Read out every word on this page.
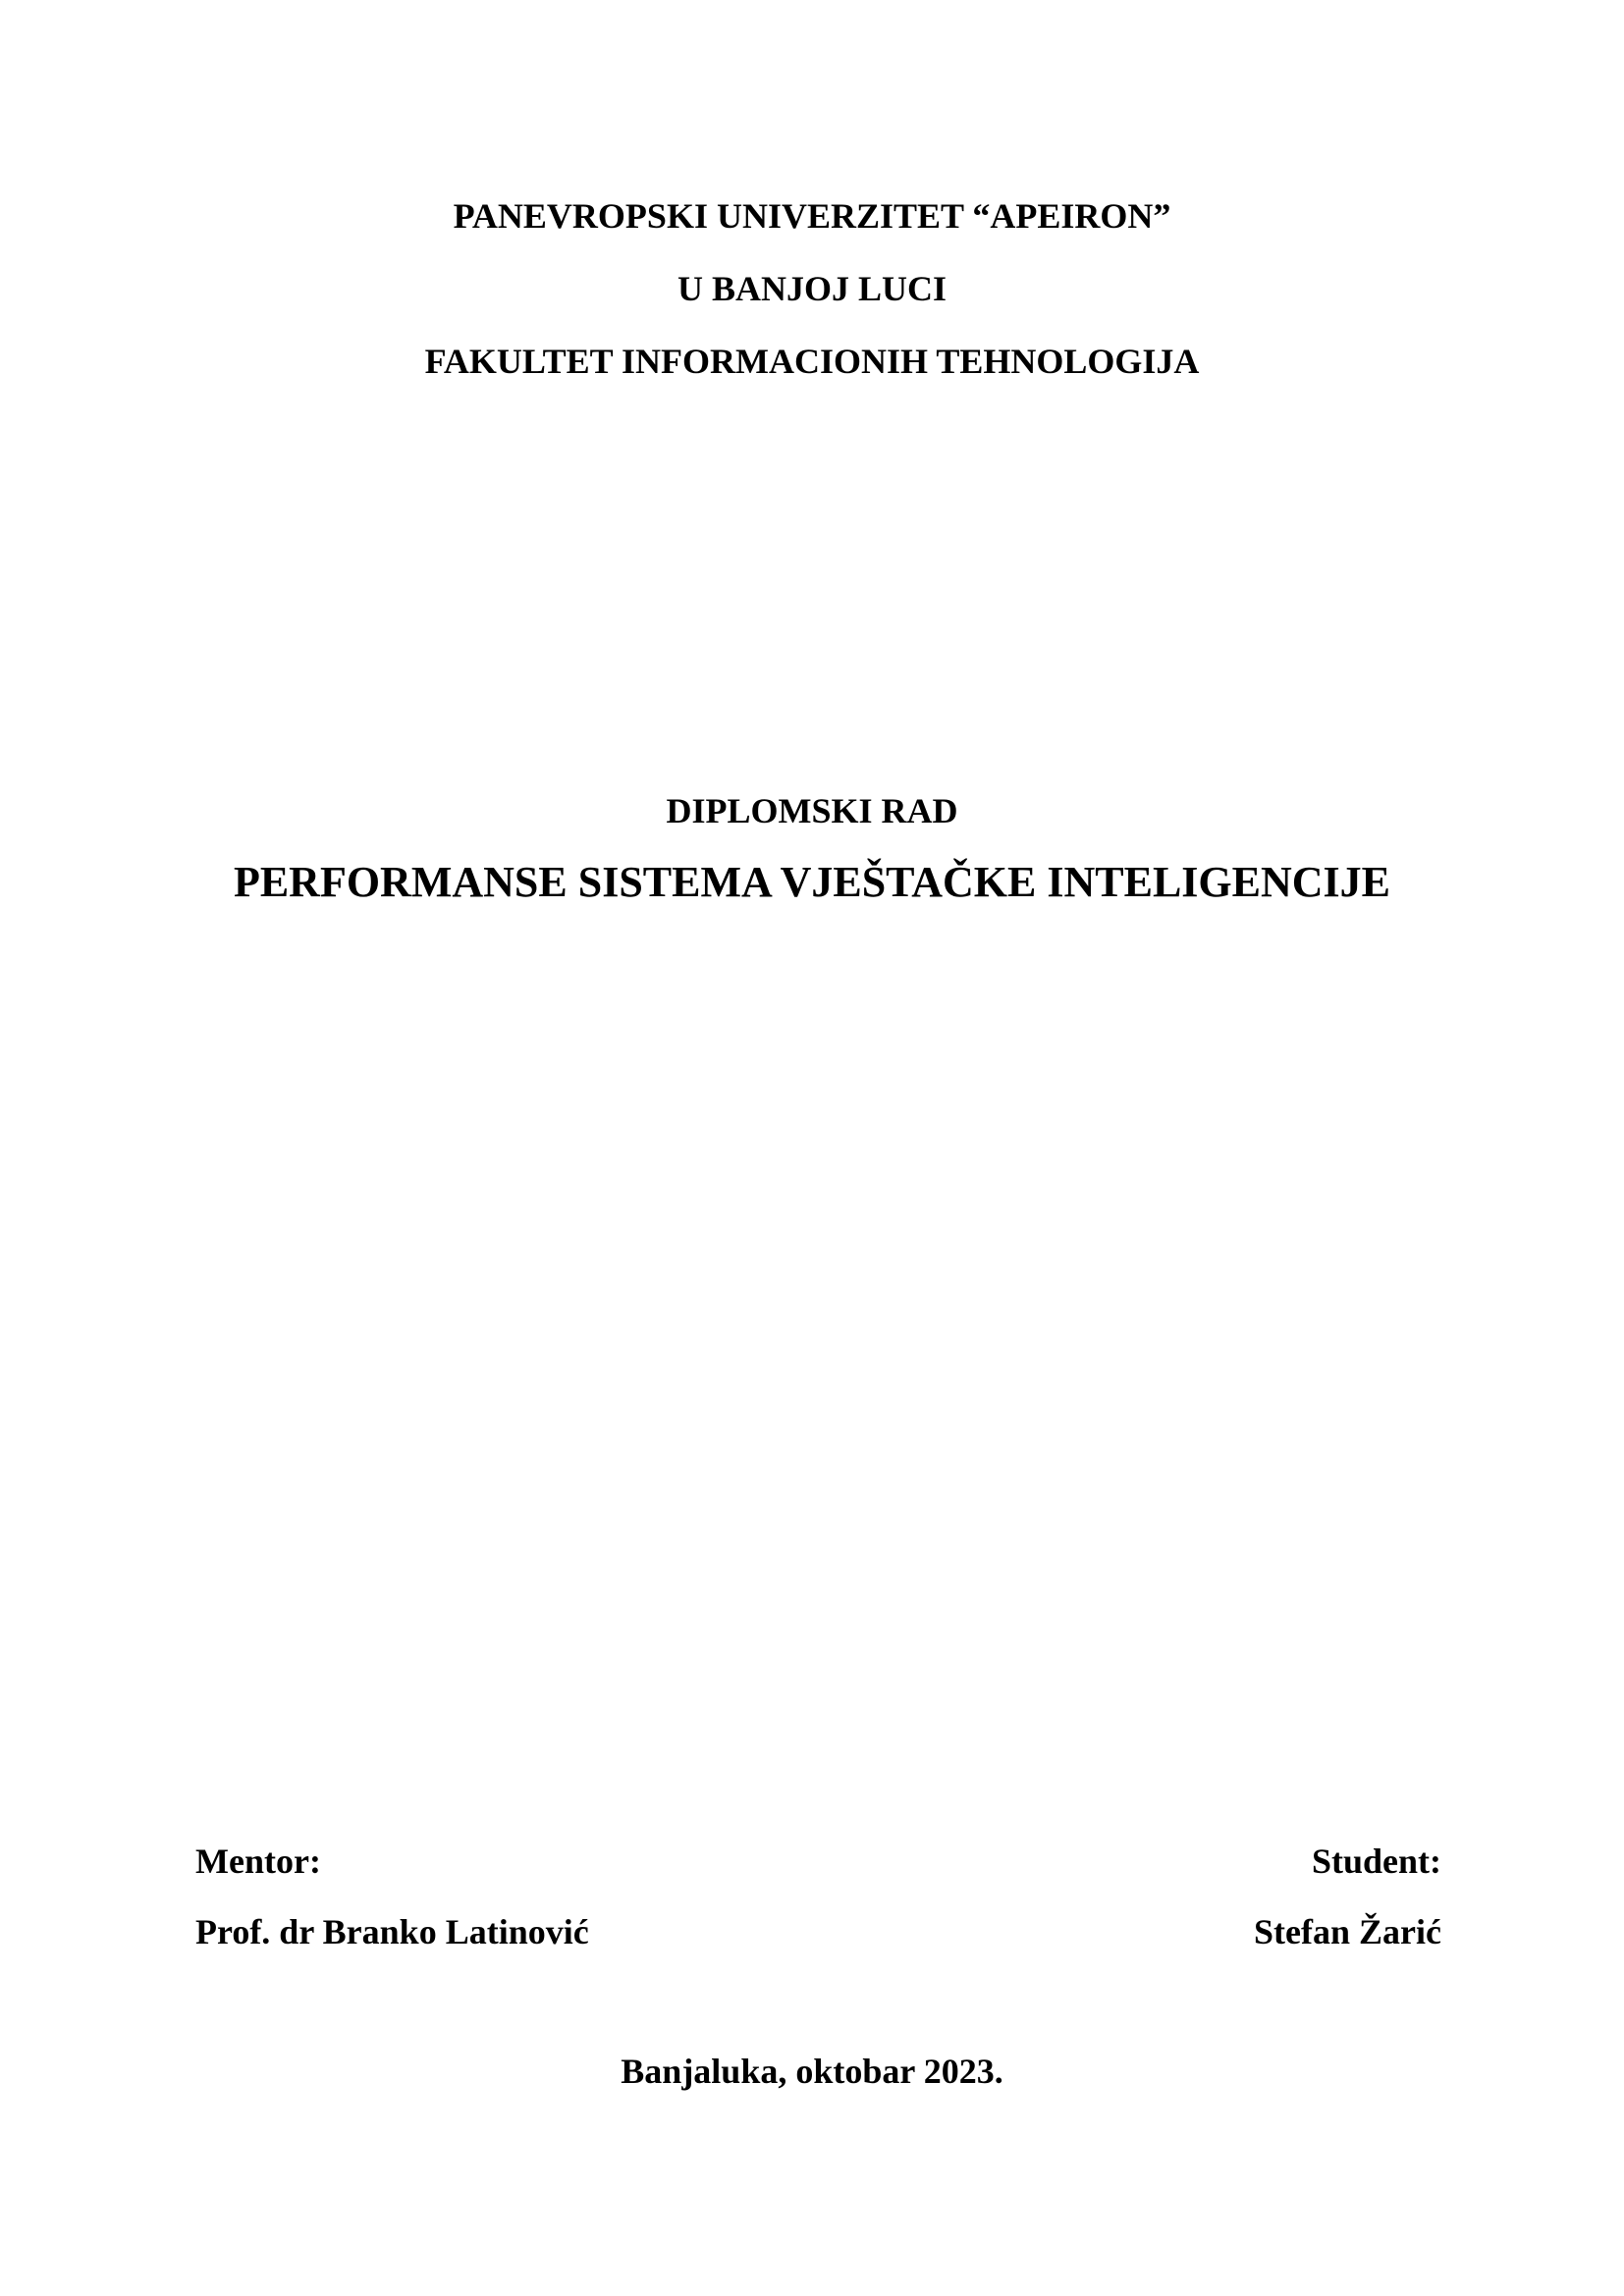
PANEVROPSKI UNIVERZITET “APEIRON”
U BANJOJ LUCI
FAKULTET INFORMACIONIH TEHNOLOGIJA
DIPLOMSKI RAD
PERFORMANSE SISTEMA VJEŠTAČKE INTELIGENCIJE
Mentor:
Prof. dr Branko Latinović
Student:
Stefan Žarić
Banjaluka, oktobar 2023.
